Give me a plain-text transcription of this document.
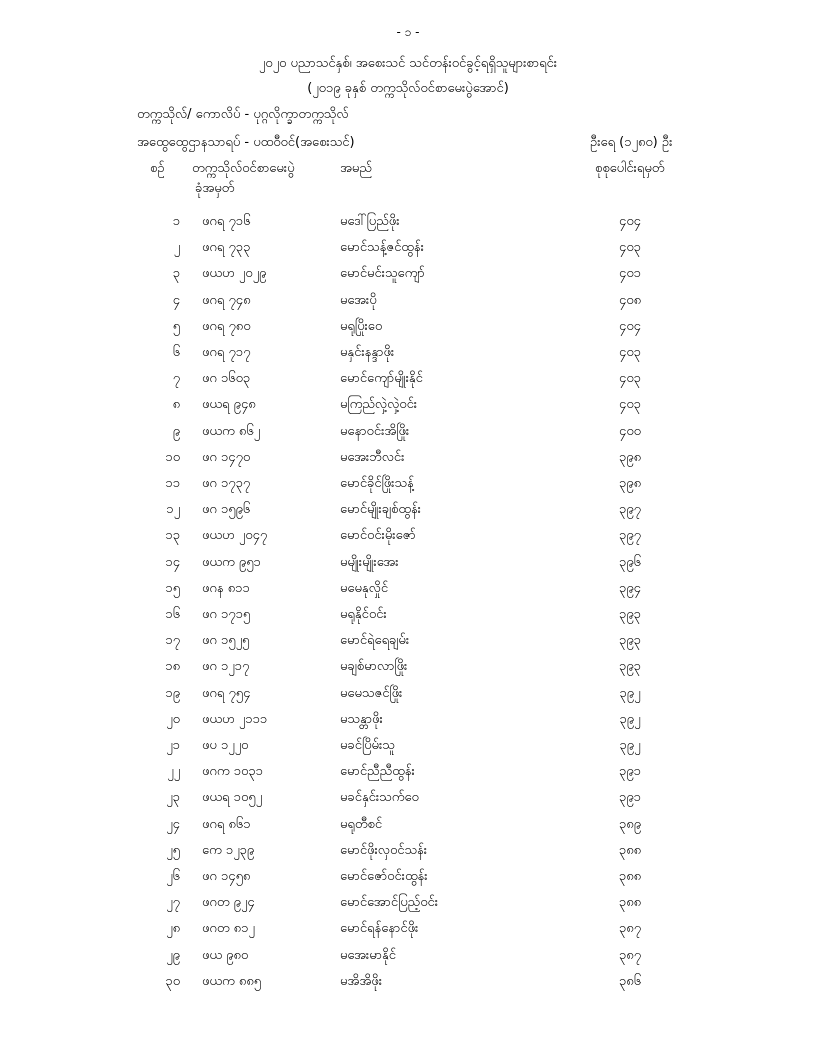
- ၁ -
၂၀၂၀ ပညာသင်နှစ်၊ အစေးသင် သင်တန်းဝင်ခွင့်ရရှိသူများစာရင်း
(၂၀၁၉ ခုနှစ် တက္ကသိုလ်ဝင်စာမေးပွဲအောင်)
တက္ကသိုလ်/ ကောလိပ် - ပုဂ္ဂလိုက္ခာတက္ကသိုလ်
အထွေထွေဌာနသာရပ် - ပထဝီဝင်(အစေးသင်)	ဦးရေ (၁၂၈၀) ဦး
စဉ် တက္ကသိုလ်ဝင်စာမေးပွဲ
ခုံအမှတ်
အမည်	စုစုပေါင်းရမှတ်
၁ ဖဂရ ၇၁၆	မဒေါ်ပြည်ဖိုး	၄၀၄
၂ ဖဂရ ၇၃၃	မောင်သန့်ဇင်ထွန်း	၄၀၃
၃ ဖယဟ ၂၀၂၉	မောင်မင်းသူကျော်	၄၀၁
၄ ဖဂရ ၇၄၈	မအေးပို	၄၀၈
၅ ဖဂရ ၇၈၀	မရုပြိုးဝေ	၄၀၄
၆ ဖဂရ ၇၁၇	မနှင်းနန္ဒာဖိုး	၄၀၃
၇ ဖဂ ၁၆၀၃	မောင်ကျော်မျိုးနိုင်	၄၀၃
၈ ဖယရ ၉၄၈	မကြည်လှဲ့လှဲ့ဝင်း	၄၀၃
၉ ဖယက ၈၆၂	မနောဝင်းအိဖြိုး	၄၀၀
၁၀ ဖဂ ၁၄၇၀	မအေးဘီလင်း	၃၉၈
၁၁ ဖဂ ၁၇၃၇	မောင်ခိုင်ဖြိုးသန့်	၃၉၈
၁၂ ဖဂ ၁၅၉၆	မောင်မျိုးချစ်ထွန်း	၃၉၇
၁၃ ဖယဟ ၂၀၄၇	မောင်ဝင်းမိုးဇော်	၃၉၇
၁၄ ဖယက ၉၅၁	မမျိုးမျိုးအေး	၃၉၆
၁၅ ဖဂန ၈၁၁	မမေနုလှိုင်	၃၉၄
၁၆ ဖဂ ၁၇၁၅	မရုနိုင်ဝင်း	၃၉၃
၁၇ ဖဂ ၁၅၂၅	မောင်ရဲရေချမ်း	၃၉၃
၁၈ ဖဂ ၁၂၁၇	မချစ်မာလာဖြိုး	၃၉၃
၁၉ ဖဂရ ၇၅၄	မမေသဇင်ဖြိုး	၃၉၂
၂၀ ဖယဟ ၂၁၁၁	မသန္တာဖိုး	၃၉၂
၂၁ ဖပ ၁၂၂၀	မခင်ပြိမ်းသူ	၃၉၂
၂၂ ဖဂက ၁၀၃၁	မောင်ညီညီထွန်း	၃၉၁
၂၃ ဖယရ ၁၀၅၂	မခင်နှင်းသက်ဝေ	၃၉၁
၂၄ ဖဂရ ၈၆၁	မရုတီစင်	၃၈၉
၂၅ ကေ ၁၂၃၉	မောင်ဖိုးလှဝင်သန်း	၃၈၈
၂၆ ဖဂ ၁၄၅၈	မောင်ဇော်ဝင်းထွန်း	၃၈၈
၂၇ ဖဂတ ၉၂၄	မောင်အောင်ပြည့်ဝင်း	၃၈၈
၂၈ ဖဂတ ၈၁၂	မောင်ရန်နောင်ဖိုး	၃၈၇
၂၉ ဖယ ၉၈၀	မအေးမာနိုင်	၃၈၇
၃၀ ဖယက ၈၈၅	မအိအိဖိုး	၃၈၆
